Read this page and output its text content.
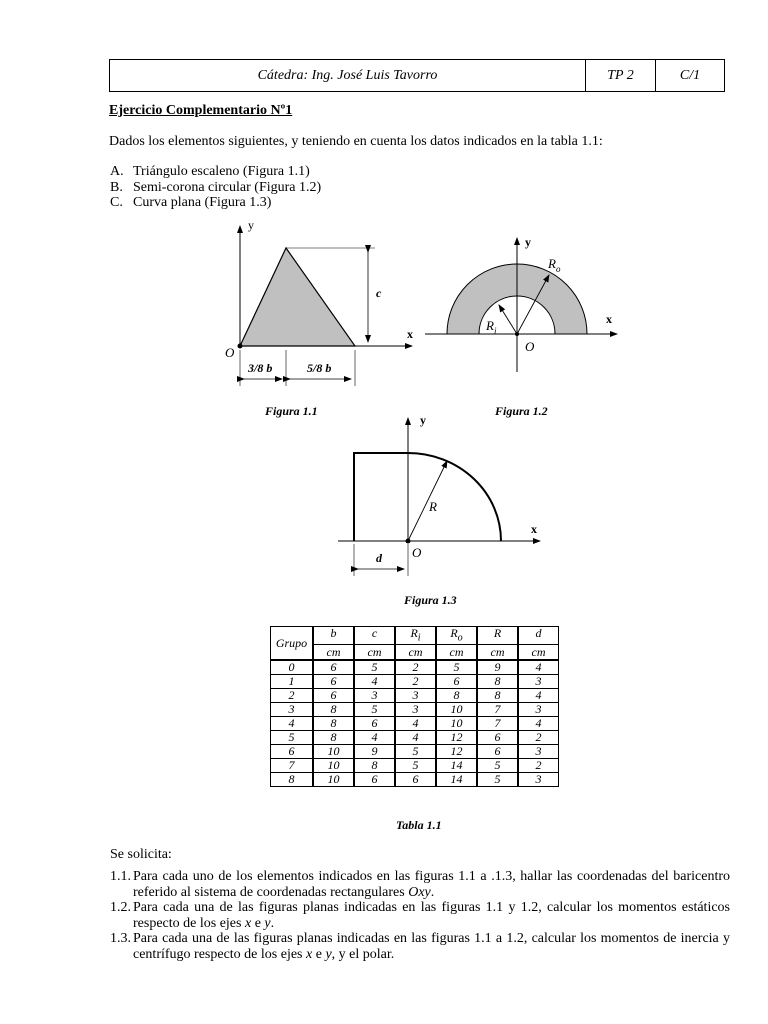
Cátedra: Ing. José Luis Tavorro	TP 2	C/1
Ejercicio Complementario Nº1
Dados los elementos siguientes, y teniendo en cuenta los datos indicados en la tabla 1.1:
A. Triángulo escaleno (Figura 1.1)
B. Semi-corona circular (Figura 1.2)
C. Curva plana (Figura 1.3)
y
x
O
c
3/8 b	5/8 b
Figura 1.1
y
x
O
$R_o$
$R_i$
Figura 1.2
y
x
O
R
d
Figura 1.3
Grupo	b	c	$R_i$	$R_o$	R	d
	cm	cm	cm	cm	cm	cm
0	6	5	2	5	9	4
1	6	4	2	6	8	3
2	6	3	3	8	8	4
3	8	5	3	10	7	3
4	8	6	4	10	7	4
5	8	4	4	12	6	2
6	10	9	5	12	6	3
7	10	8	5	14	5	2
8	10	6	6	14	5	3
Tabla 1.1
Se solicita:
1.1. Para cada uno de los elementos indicados en las figuras 1.1 a .1.3, hallar las coordenadas del baricentro referido al sistema de coordenadas rectangulares Oxy.
1.2. Para cada una de las figuras planas indicadas en las figuras 1.1 y 1.2, calcular los momentos estáticos respecto de los ejes x e y.
1.3. Para cada una de las figuras planas indicadas en las figuras 1.1 a 1.2, calcular los momentos de inercia y centrífugo respecto de los ejes x e y, y el polar.
